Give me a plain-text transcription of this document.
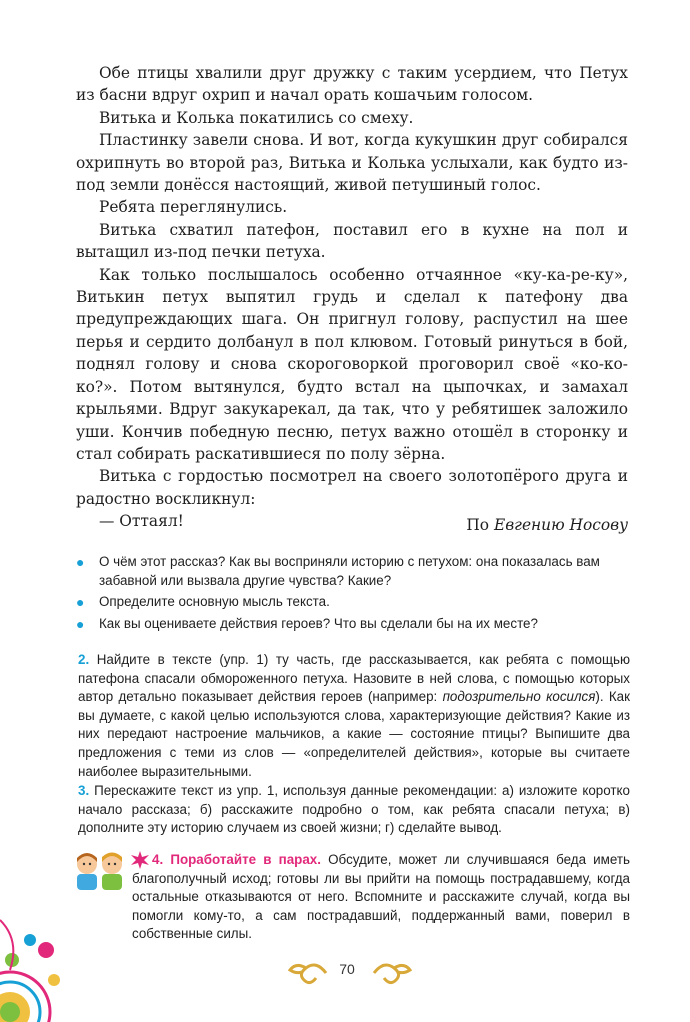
Обе птицы хвалили друг дружку с таким усердием, что Петух из басни вдруг охрип и начал орать кошачьим голосом.

Витька и Колька покатились со смеху.

Пластинку завели снова. И вот, когда кукушкин друг собирался охрипнуть во второй раз, Витька и Колька услыхали, как будто из-под земли донёсся настоящий, живой петушиный голос.

Ребята переглянулись.

Витька схватил патефон, поставил его в кухне на пол и вытащил из-под печки петуха.

Как только послышалось особенно отчаянное «ку-ка-ре-ку», Витькин петух выпятил грудь и сделал к патефону два предупреждающих шага. Он пригнул голову, распустил на шее перья и сердито долбанул в пол клювом. Готовый ринуться в бой, поднял голову и снова скороговоркой проговорил своё «ко-ко-ко?». Потом вытянулся, будто встал на цыпочках, и замахал крыльями. Вдруг закукарекал, да так, что у ребятишек заложило уши. Кончив победную песню, петух важно отошёл в сторонку и стал собирать раскатившиеся по полу зёрна.

Витька с гордостью посмотрел на своего золотопёрого друга и радостно воскликнул:

— Оттаял!	По Евгению Носову
● О чём этот рассказ? Как вы восприняли историю с петухом: она показалась вам забавной или вызвала другие чувства? Какие?
● Определите основную мысль текста.
● Как вы оцениваете действия героев? Что вы сделали бы на их месте?

2. Найдите в тексте (упр. 1) ту часть, где рассказывается, как ребята с помощью патефона спасали обмороженного петуха. Назовите в ней слова, с помощью которых автор детально показывает действия героев (например: подозрительно косился). Как вы думаете, с какой целью используются слова, характеризующие действия? Какие из них передают настроение мальчиков, а какие — состояние птицы? Выпишите два предложения с теми из слов — «определителей действия», которые вы считаете наиболее выразительными.

3. Перескажите текст из упр. 1, используя данные рекомендации: а) изложите коротко начало рассказа; б) расскажите подробно о том, как ребята спасали петуха; в) дополните эту историю случаем из своей жизни; г) сделайте вывод.

4. Поработайте в парах. Обсудите, может ли случившаяся беда иметь благополучный исход; готовы ли вы прийти на помощь пострадавшему, когда остальные отказываются от него. Вспомните и расскажите случай, когда вы помогли кому-то, а сам пострадавший, поддержанный вами, поверил в собственные силы.

70
